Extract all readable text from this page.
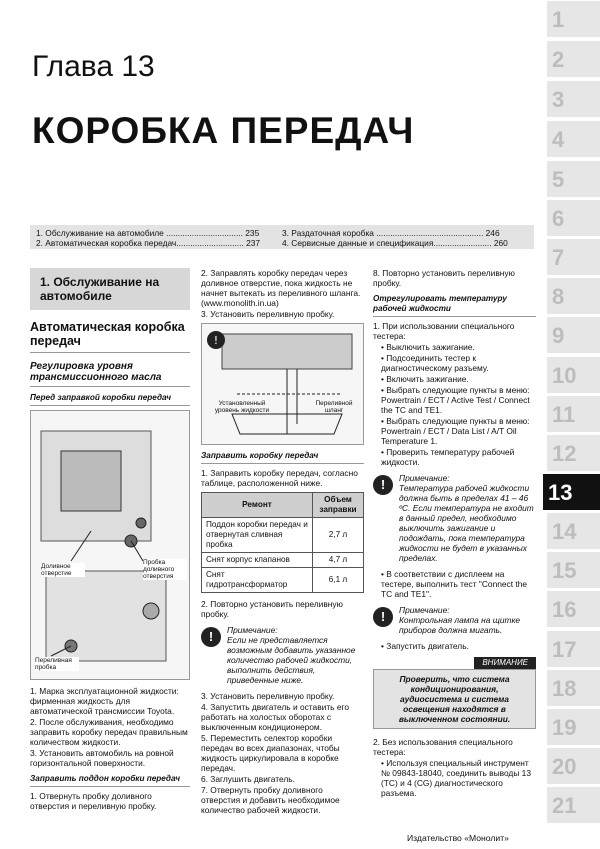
1
2
3
4
5
6
7
8
9
10
11
12
13
14
15
16
17
18
19
20
21
Глава 13
КОРОБКА ПЕРЕДАЧ
1. Обслуживание на автомобиле ................................. 235	3. Раздаточная коробка .............................................. 246
2. Автоматическая коробка передач............................. 237	4. Сервисные данные и спецификация......................... 260
1. Обслуживание на автомобиле
Автоматическая коробка передач
Регулировка уровня трансмиссионного масла
Перед заправкой коробки передач
Пробка доливного отверстия
Доливное отверстие
Переливная пробка

1. Марка эксплуатационной жидкости: фирменная жидкость для автоматической трансмиссии Toyota.

2. После обслуживания, необходимо заправить коробку передач правильным количеством жидкости.

3. Установить автомобиль на ровной горизонтальной поверхности.

Заправить поддон коробки передач

1. Отвернуть пробку доливного отверстия и переливную пробку.

2. Заправлять коробку передач через доливное отверстие, пока жидкость не начнет вытекать из переливного шланга. (www.monolith.in.ua)

3. Установить переливную пробку.

!
Установленный уровень жидкости
Переливной шланг
Заправить коробку передач

1. Заправить коробку передач, согласно таблице, расположенной ниже.

Ремонт	Объем заправки
Поддон коробки передач и отвернутая сливная пробка	2,7 л
Снят корпус клапанов	4,7 л
Снят гидротрансформатор	6,1 л

2. Повторно установить переливную пробку.

!	Примечание:
Если не представляется возможным добавить указанное количество рабочей жидкости, выполнить действия, приведенные ниже.

3. Установить переливную пробку.

4. Запустить двигатель и оставить его работать на холостых оборотах с выключенным кондиционером.

5. Переместить селектор коробки передач во всех диапазонах, чтобы жидкость циркулировала в коробке передач.

6. Заглушить двигатель.

7. Отвернуть пробку доливного отверстия и добавить необходимое количество рабочей жидкости.

8. Повторно установить переливную пробку.

Отрегулировать температуру рабочей жидкости

1. При использовании специального тестера:

• Выключить зажигание.

• Подсоединить тестер к диагностическому разъему.

• Включить зажигание.

• Выбрать следующие пункты в меню: Powertrain / ECT / Active Test / Connect the TC and TE1.

• Выбрать следующие пункты в меню: Powertrain / ECT / Data List / A/T Oil Temperature 1.

• Проверить температуру рабочей жидкости.

!	Примечание:
Температура рабочей жидкости должна быть в пределах 41 – 46 ºС. Если температура не входит в данный предел, необходимо выключить зажигание и подождать, пока температура жидкости не будет в указанных пределах.

• В соответствии с дисплеем на тестере, выполнить тест "Connect the TC and TE1".

!	Примечание:
Контрольная лампа на щитке приборов должна мигать.

• Запустить двигатель.

ВНИМАНИЕ
Проверить, что система кондиционирования, аудиосистема и система освещения находятся в выключенном состоянии.

2. Без использования специального тестера:

• Используя специальный инструмент № 09843-18040, соединить выводы 13 (TC) и 4 (CG) диагностического разъема.

Издательство «Монолит»
